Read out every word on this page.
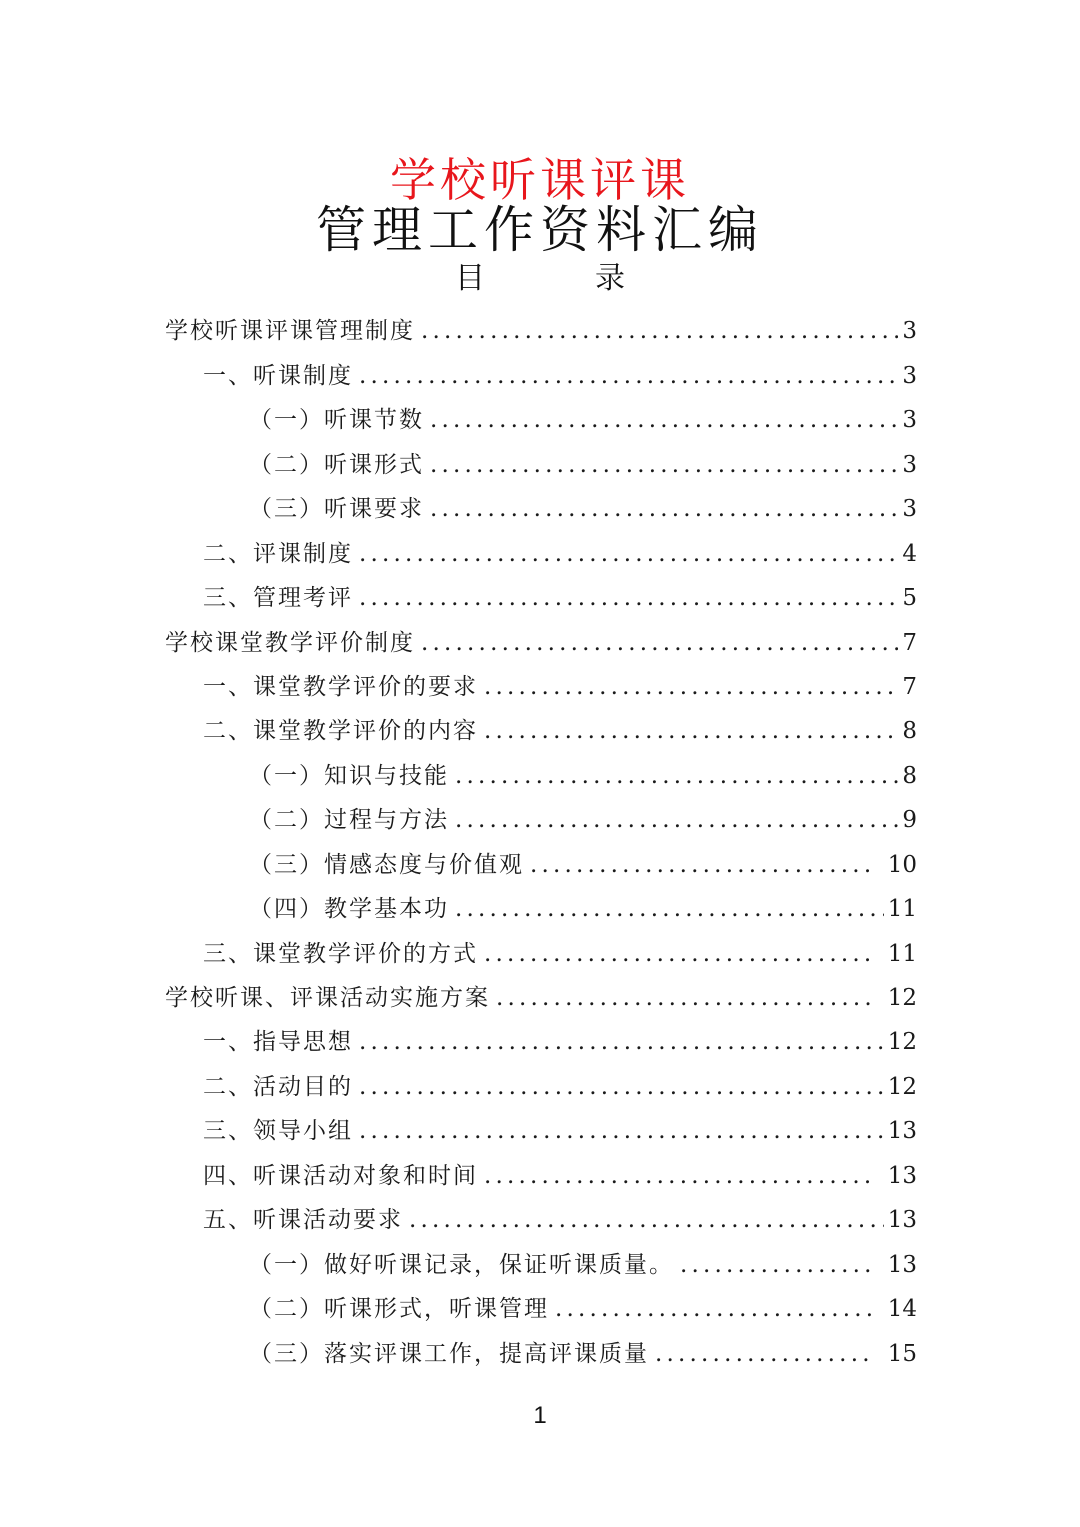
学校听课评课
管理工作资料汇编
目　录
学校听课评课管理制度 .....	3
一、听课制度 .....	3
（一）听课节数 .....	3
（二）听课形式 .....	3
（三）听课要求 .....	3
二、评课制度 .....	4
三、管理考评 .....	5
学校课堂教学评价制度 .....	7
一、课堂教学评价的要求 .....	7
二、课堂教学评价的内容 .....	8
（一）知识与技能 .....	8
（二）过程与方法 .....	9
（三）情感态度与价值观 .....	10
（四）教学基本功 .....	11
三、课堂教学评价的方式 .....	11
学校听课、评课活动实施方案 .....	12
一、指导思想 .....	12
二、活动目的 .....	12
三、领导小组 .....	13
四、听课活动对象和时间 .....	13
五、听课活动要求 .....	13
（一）做好听课记录，保证听课质量。 .....	13
（二）听课形式，听课管理 .....	14
（三）落实评课工作，提高评课质量 .....	15
1
